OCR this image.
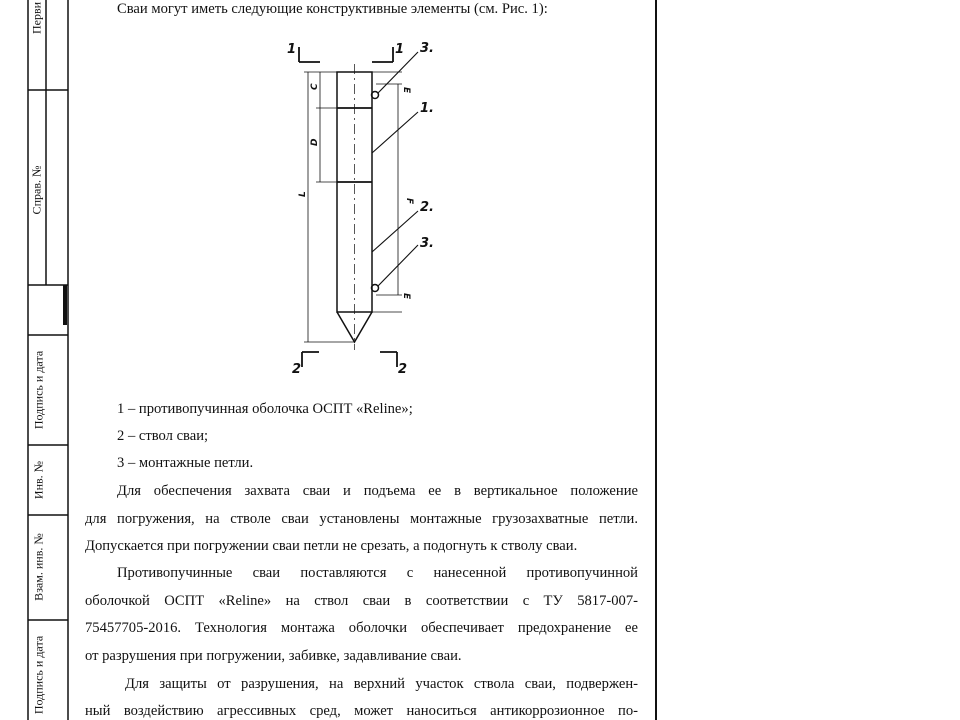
Перви
Справ. №
Подпись и дата
Инв. №
Взам. инв. №
Подпись и дата
Сваи могут иметь следующие конструктивные элементы (см. Рис. 1):
1	1
2	2
3.
1.
2.
3.
C
D
L
F
E
E
1 – противопучинная оболочка ОСПТ «Reline»;
2 – ствол сваи;
3 – монтажные петли.
Для обеспечения захвата сваи и подъема ее в вертикальное положение
для погружения, на стволе сваи установлены монтажные грузозахватные петли.
Допускается при погружении сваи петли не срезать, а подогнуть к стволу сваи.
Противопучинные сваи поставляются с нанесенной противопучинной
оболочкой ОСПТ «Reline» на ствол сваи в соответствии с ТУ 5817-007-
75457705-2016. Технология монтажа оболочки обеспечивает предохранение ее
от разрушения при погружении, забивке, задавливание сваи.
Для защиты от разрушения, на верхний участок ствола сваи, подвержен-
ный воздействию агрессивных сред, может наноситься антикоррозионное по-
